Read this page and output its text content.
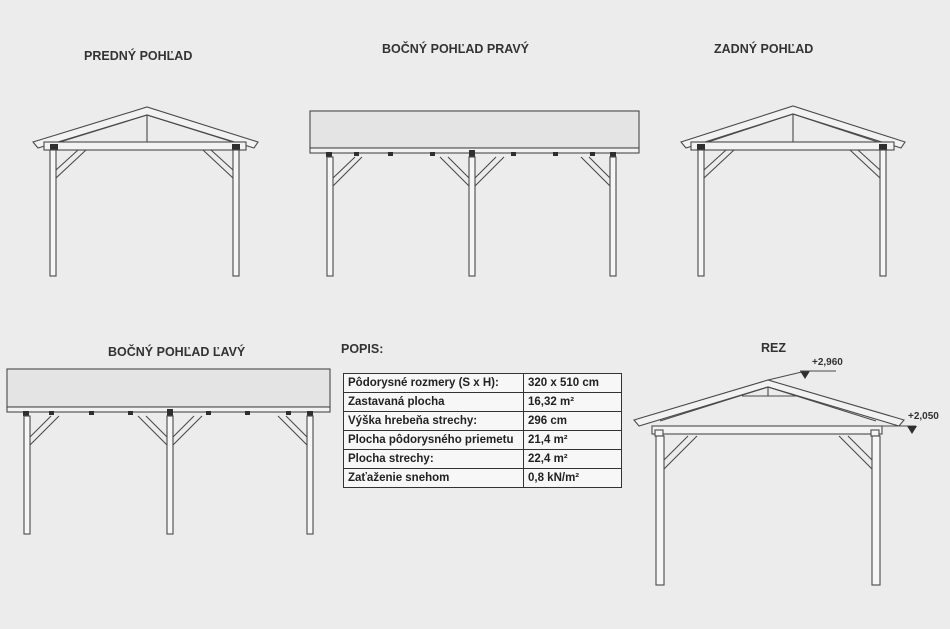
PREDNÝ POHĽAD	BOČNÝ POHĽAD PRAVÝ	ZADNÝ POHĽAD
BOČNÝ POHĽAD ĽAVÝ	POPIS:	REZ
+2,960
+2,050
Pôdorysné rozmery (S x H):	320 x 510 cm
Zastavaná plocha	16,32 m²
Výška hrebeňa strechy:	296 cm
Plocha pôdorysného priemetu	21,4 m²
Plocha strechy:	22,4 m²
Zaťaženie snehom	0,8 kN/m²
